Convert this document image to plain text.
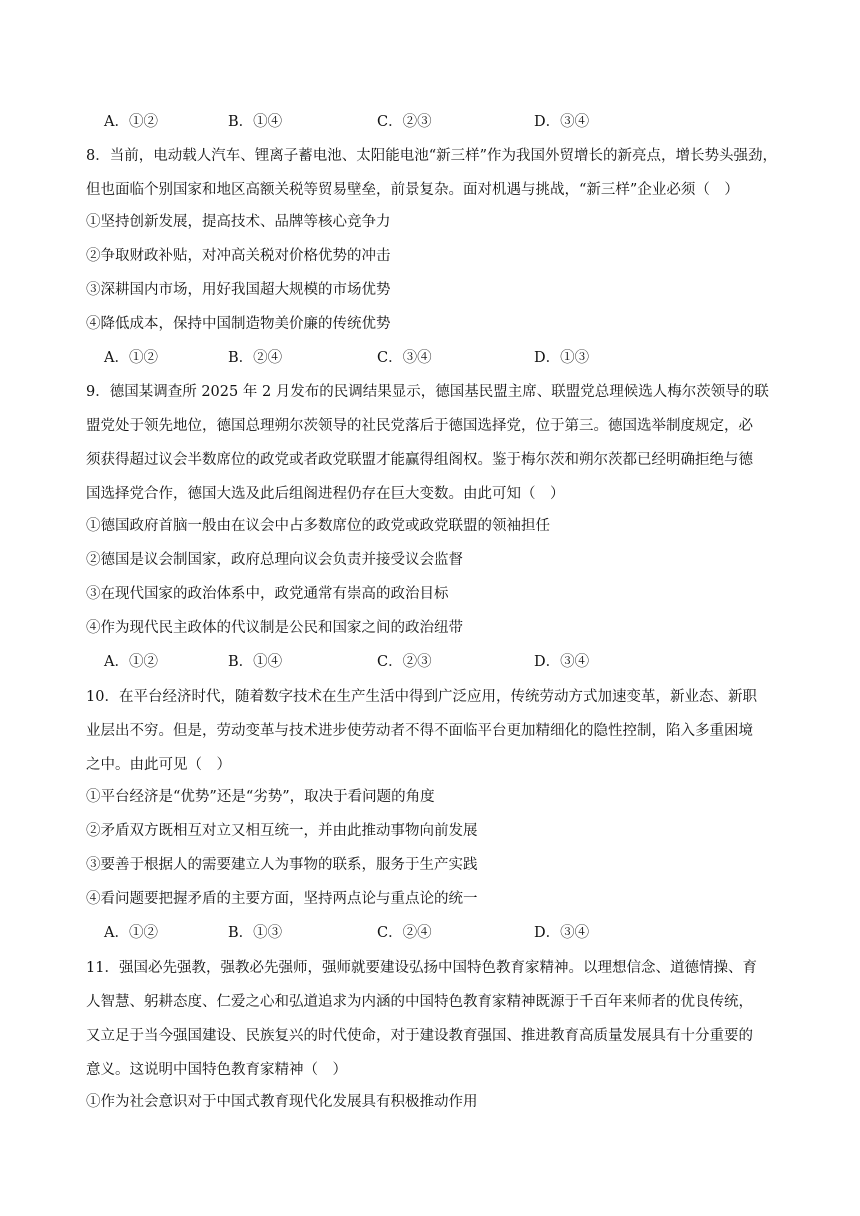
A．①②	B．①④	C．②③	D．③④
8．当前，电动载人汽车、锂离子蓄电池、太阳能电池“新三样”作为我国外贸增长的新亮点，增长势头强劲，
但也面临个别国家和地区高额关税等贸易壁垒，前景复杂。面对机遇与挑战，“新三样”企业必须（　）
①坚持创新发展，提高技术、品牌等核心竞争力
②争取财政补贴，对冲高关税对价格优势的冲击
③深耕国内市场，用好我国超大规模的市场优势
④降低成本，保持中国制造物美价廉的传统优势
A．①②	B．②④	C．③④	D．①③
9．德国某调查所 2025 年 2 月发布的民调结果显示，德国基民盟主席、联盟党总理候选人梅尔茨领导的联
盟党处于领先地位，德国总理朔尔茨领导的社民党落后于德国选择党，位于第三。德国选举制度规定，必
须获得超过议会半数席位的政党或者政党联盟才能赢得组阁权。鉴于梅尔茨和朔尔茨都已经明确拒绝与德
国选择党合作，德国大选及此后组阁进程仍存在巨大变数。由此可知（　）
①德国政府首脑一般由在议会中占多数席位的政党或政党联盟的领袖担任
②德国是议会制国家，政府总理向议会负责并接受议会监督
③在现代国家的政治体系中，政党通常有崇高的政治目标
④作为现代民主政体的代议制是公民和国家之间的政治纽带
A．①②	B．①④	C．②③	D．③④
10．在平台经济时代，随着数字技术在生产生活中得到广泛应用，传统劳动方式加速变革，新业态、新职
业层出不穷。但是，劳动变革与技术进步使劳动者不得不面临平台更加精细化的隐性控制，陷入多重困境
之中。由此可见（　）
①平台经济是“优势”还是“劣势”，取决于看问题的角度
②矛盾双方既相互对立又相互统一，并由此推动事物向前发展
③要善于根据人的需要建立人为事物的联系，服务于生产实践
④看问题要把握矛盾的主要方面，坚持两点论与重点论的统一
A．①②	B．①③	C．②④	D．③④
11．强国必先强教，强教必先强师，强师就要建设弘扬中国特色教育家精神。以理想信念、道德情操、育
人智慧、躬耕态度、仁爱之心和弘道追求为内涵的中国特色教育家精神既源于千百年来师者的优良传统，
又立足于当今强国建设、民族复兴的时代使命，对于建设教育强国、推进教育高质量发展具有十分重要的
意义。这说明中国特色教育家精神（　）
①作为社会意识对于中国式教育现代化发展具有积极推动作用
